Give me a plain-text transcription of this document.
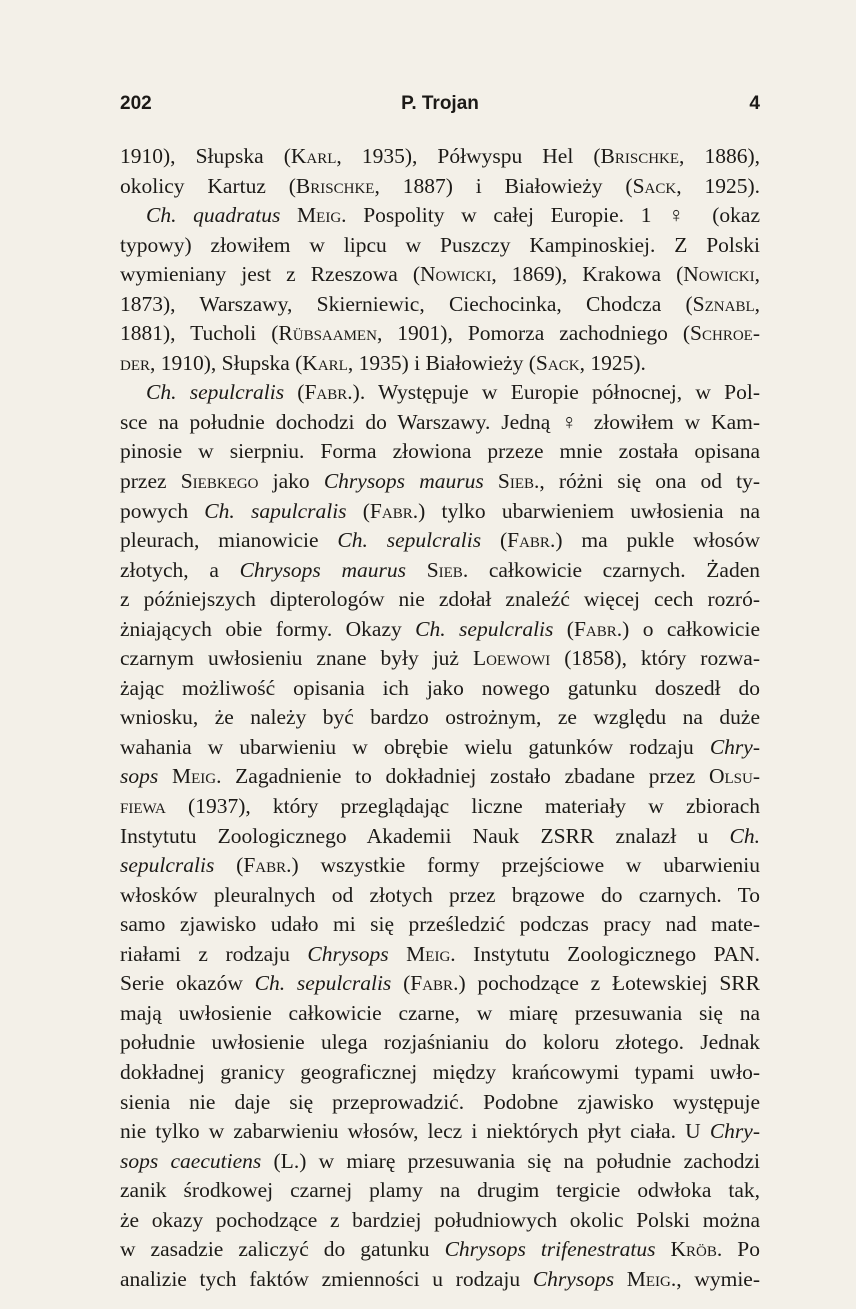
202	P. Trojan	4
1910), Słupska (Karl, 1935), Półwyspu Hel (Brischke, 1886),
okolicy Kartuz (Brischke, 1887) i Białowieży (Sack, 1925).
Ch. quadratus Meig. Pospolity w całej Europie. 1 ♀ (okaz
typowy) złowiłem w lipcu w Puszczy Kampinoskiej. Z Polski
wymieniany jest z Rzeszowa (Nowicki, 1869), Krakowa (Nowicki,
1873), Warszawy, Skierniewic, Ciechocinka, Chodcza (Sznabl,
1881), Tucholi (Rübsaamen, 1901), Pomorza zachodniego (Schroe-
der, 1910), Słupska (Karl, 1935) i Białowieży (Sack, 1925).
Ch. sepulcralis (Fabr.). Występuje w Europie północnej, w Pol-
sce na południe dochodzi do Warszawy. Jedną ♀ złowiłem w Kam-
pinosie w sierpniu. Forma złowiona przeze mnie została opisana
przez Siebkego jako Chrysops maurus Sieb., różni się ona od ty-
powych Ch. sapulcralis (Fabr.) tylko ubarwieniem uwłosienia na
pleurach, mianowicie Ch. sepulcralis (Fabr.) ma pukle włosów
złotych, a Chrysops maurus Sieb. całkowicie czarnych. Żaden
z późniejszych dipterologów nie zdołał znaleźć więcej cech rozró-
żniających obie formy. Okazy Ch. sepulcralis (Fabr.) o całkowicie
czarnym uwłosieniu znane były już Loewowi (1858), który rozwa-
żając możliwość opisania ich jako nowego gatunku doszedł do
wniosku, że należy być bardzo ostrożnym, ze względu na duże
wahania w ubarwieniu w obrębie wielu gatunków rodzaju Chry-
sops Meig. Zagadnienie to dokładniej zostało zbadane przez Olsu-
fiewa (1937), który przeglądając liczne materiały w zbiorach
Instytutu Zoologicznego Akademii Nauk ZSRR znalazł u Ch.
sepulcralis (Fabr.) wszystkie formy przejściowe w ubarwieniu
włosków pleuralnych od złotych przez brązowe do czarnych. To
samo zjawisko udało mi się prześledzić podczas pracy nad mate-
riałami z rodzaju Chrysops Meig. Instytutu Zoologicznego PAN.
Serie okazów Ch. sepulcralis (Fabr.) pochodzące z Łotewskiej SRR
mają uwłosienie całkowicie czarne, w miarę przesuwania się na
południe uwłosienie ulega rozjaśnianiu do koloru złotego. Jednak
dokładnej granicy geograficznej między krańcowymi typami uwło-
sienia nie daje się przeprowadzić. Podobne zjawisko występuje
nie tylko w zabarwieniu włosów, lecz i niektórych płyt ciała. U Chry-
sops caecutiens (L.) w miarę przesuwania się na południe zachodzi
zanik środkowej czarnej plamy na drugim tergicie odwłoka tak,
że okazy pochodzące z bardziej południowych okolic Polski można
w zasadzie zaliczyć do gatunku Chrysops trifenestratus Kröb. Po
analizie tych faktów zmienności u rodzaju Chrysops Meig., wymie-
